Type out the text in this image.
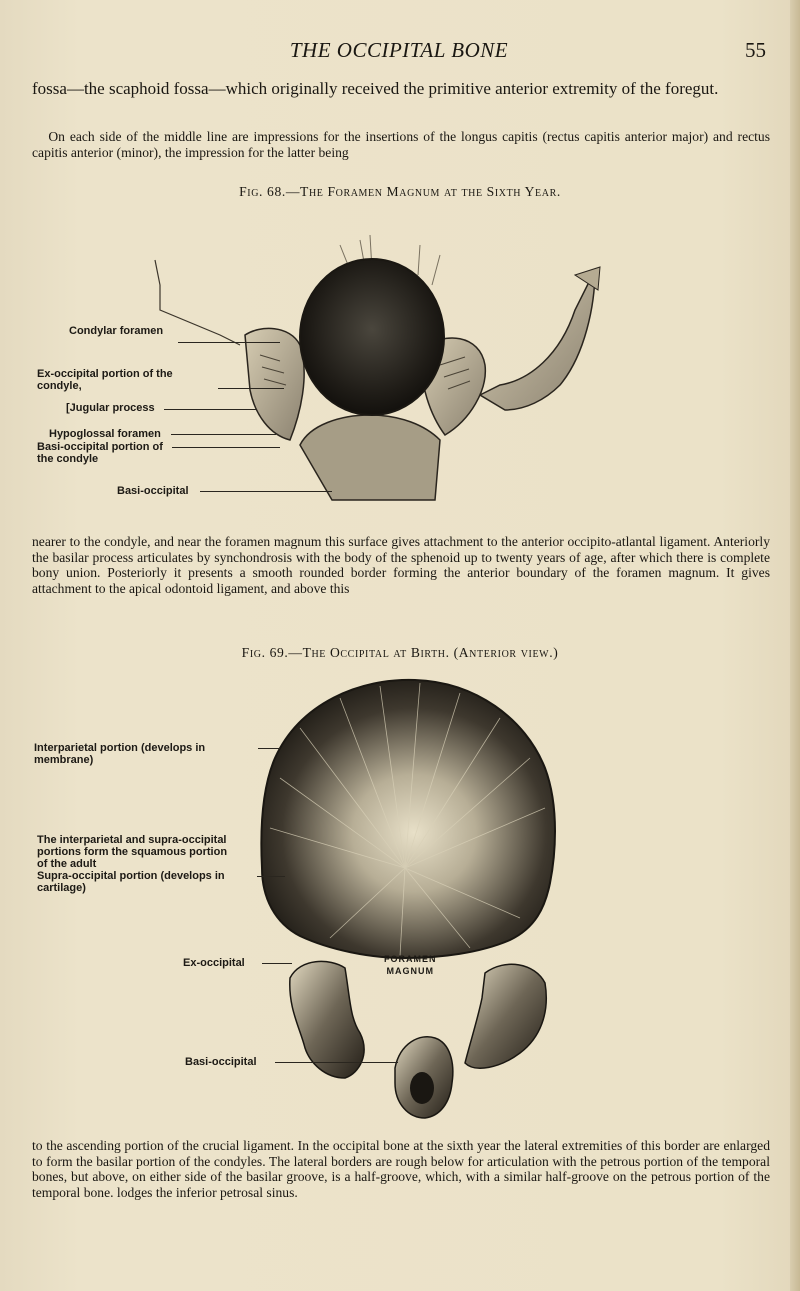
THE OCCIPITAL BONE	55

fossa—the scaphoid fossa—which originally received the primitive anterior extremity of the foregut.

On each side of the middle line are impressions for the insertions of the longus capitis (rectus capitis anterior major) and rectus capitis anterior (minor), the impression for the latter being

Fig. 68.—The Foramen Magnum at the Sixth Year.
Condylar foramen
Ex-occipital portion of the
condyle,
[Jugular process
Hypoglossal foramen
Basi-occipital portion of
the condyle
Basi-occipital

nearer to the condyle, and near the foramen magnum this surface gives attachment to the anterior occipito-atlantal ligament. Anteriorly the basilar process articulates by synchondrosis with the body of the sphenoid up to twenty years of age, after which there is complete bony union. Posteriorly it presents a smooth rounded border forming the anterior boundary of the foramen magnum. It gives attachment to the apical odontoid ligament, and above this

Fig. 69.—The Occipital at Birth. (Anterior view.)
Interparietal portion (develops in
membrane)
The interparietal and supra-occipital
portions form the squamous portion
of the adult
Supra-occipital portion (develops in
cartilage)
Ex-occipital	FORAMEN
MAGNUM
Basi-occipital

to the ascending portion of the crucial ligament. In the occipital bone at the sixth year the lateral extremities of this border are enlarged to form the basilar portion of the condyles. The lateral borders are rough below for articulation with the petrous portion of the temporal bones, but above, on either side of the basilar groove, is a half-groove, which, with a similar half-groove on the petrous portion of the temporal bone. lodges the inferior petrosal sinus.
